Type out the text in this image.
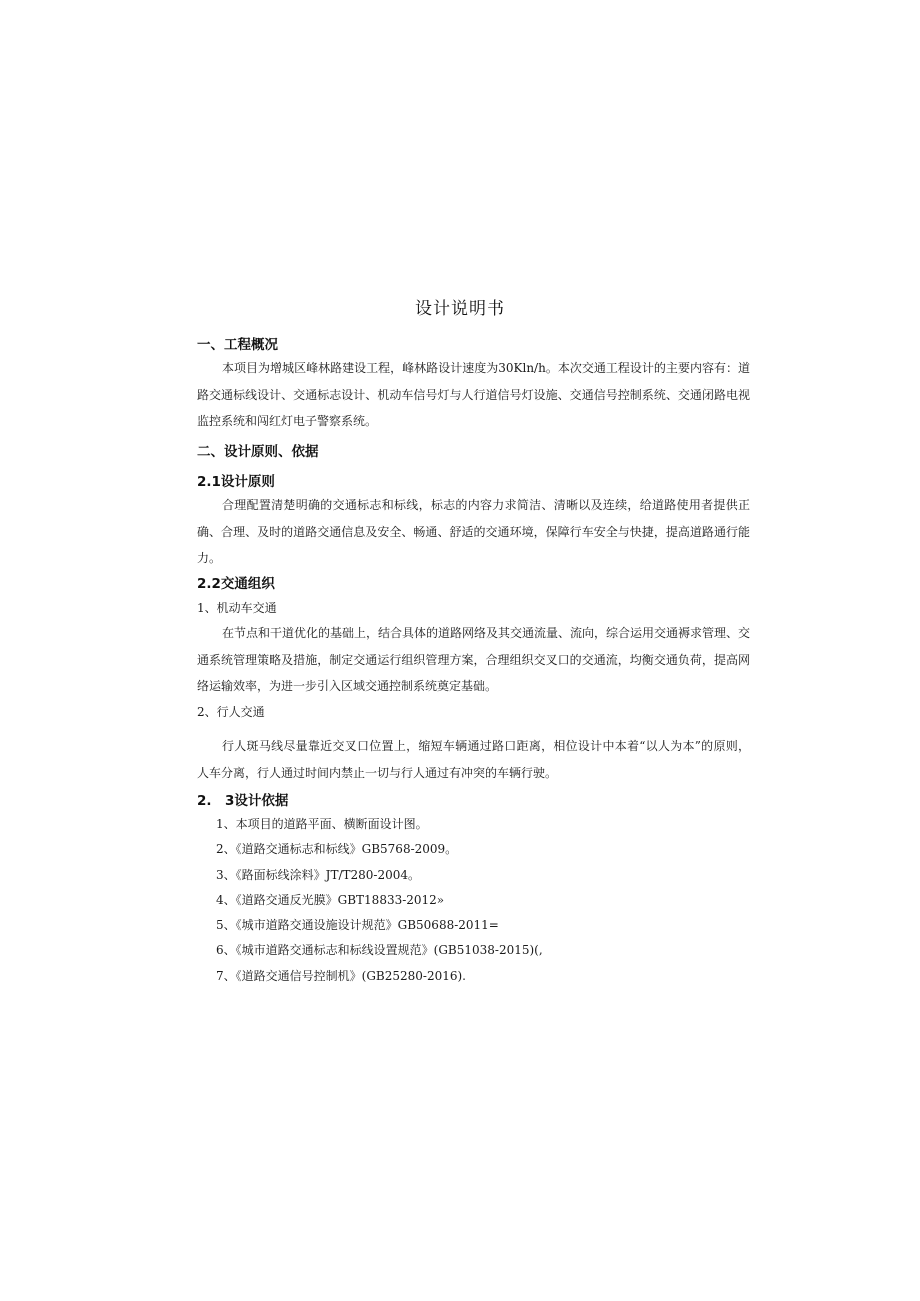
设计说明书
一、工程概况
本项目为增城区峰林路建设工程，峰林路设计速度为30Kln/h。本次交通工程设计的主要内容有：道路交通标线设计、交通标志设计、机动车信号灯与人行道信号灯设施、交通信号控制系统、交通闭路电视监控系统和闯红灯电子警察系统。
二、设计原则、依据
2.1设计原则
合理配置清楚明确的交通标志和标线，标志的内容力求简洁、清晰以及连续，给道路使用者提供正确、合理、及时的道路交通信息及安全、畅通、舒适的交通环境，保障行车安全与快捷，提高道路通行能力。
2.2交通组织
1、机动车交通
在节点和干道优化的基础上，结合具体的道路网络及其交通流量、流向，综合运用交通褥求管理、交通系统管理策略及措施，制定交通运行组织管理方案，合理组织交叉口的交通流，均衡交通负荷，提高网络运输效率，为进一步引入区域交通控制系统奠定基础。
2、行人交通
行人斑马线尽量靠近交叉口位置上，缩短车辆通过路口距离，相位设计中本着“以人为本”的原则，人车分离，行人通过时间内禁止一切与行人通过有冲突的车辆行驶。
2.　3设计依据
1、本项目的道路平面、横断面设计图。
2、《道路交通标志和标线》GB5768-2009。
3、《路面标线涂料》JT/T280-2004。
4、《道路交通反光膜》GBT18833-2012»
5、《城市道路交通设施设计规范》GB50688-2011=
6、《城市道路交通标志和标线设置规范》(GB51038-2015)(,
7、《道路交通信号控制机》(GB25280-2016).
